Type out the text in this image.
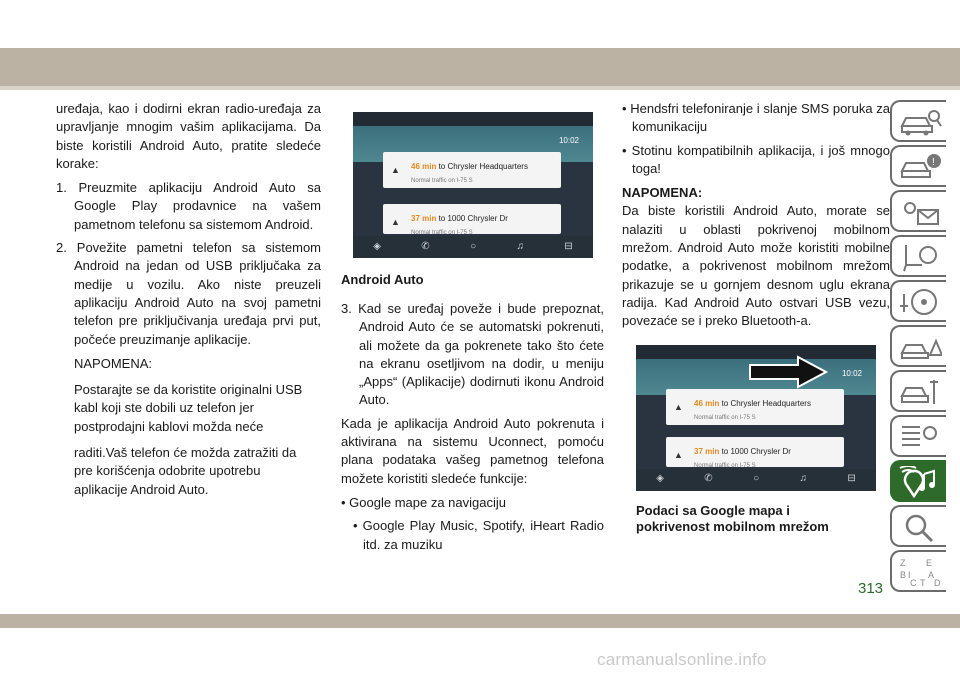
uređaja, kao i dodirni ekran radio-uređaja za upravljanje mnogim vašim aplikacijama. Da biste koristili Android Auto, pratite sledeće korake:

1. Preuzmite aplikaciju Android Auto sa Google Play prodavnice na vašem pametnom telefonu sa sistemom Android.

2. Povežite pametni telefon sa sistemom Android na jedan od USB priključaka za medije u vozilu. Ako niste preuzeli aplikaciju Android Auto na svoj pametni telefon pre priključivanja uređaja prvi put, počeće preuzimanje aplikacije.

NAPOMENA:

Postarajte se da koristite originalni USB

kabl koji ste dobili uz telefon jer

postprodajni kablovi možda neće

raditi.Vaš telefon će možda zatražiti da

pre korišćenja odobrite upotrebu

aplikacije Android Auto.

10:02
▲ 46 min to Chrysler Headquarters
Normal traffic on I-75 S
▲ 37 min to 1000 Chrysler Dr
Normal traffic on I-75 S
◈	✆	○	♫	⊟

Android Auto

3. Kad se uređaj poveže i bude prepoznat, Android Auto će se automatski pokrenuti, ali možete da ga pokrenete tako što ćete na ekranu osetljivom na dodir, u meniju „Apps“ (Aplikacije) dodirnuti ikonu Android Auto.

Kada je aplikacija Android Auto pokrenuta i aktivirana na sistemu Uconnect, pomoću plana podataka vašeg pametnog telefona možete koristiti sledeće funkcije:

• Google mape za navigaciju

• Google Play Music, Spotify, iHeart Radio itd. za muziku

• Hendsfri telefoniranje i slanje SMS poruka za komunikaciju

• Stotinu kompatibilnih aplikacija, i još mnogo toga!

NAPOMENA:

Da biste koristili Android Auto, morate se nalaziti u oblasti pokrivenoj mobilnom mrežom. Android Auto može koristiti mobilne podatke, a pokrivenost mobilnom mrežom prikazuje se u gornjem desnom uglu ekrana radija. Kad Android Auto ostvari USB vezu, povezaće se i preko Bluetooth-a.

10:02
▲ 46 min to Chrysler Headquarters
Normal traffic on I-75 S
▲ 37 min to 1000 Chrysler Dr
Normal traffic on I-75 S
◈	✆	○	♫	⊟

Podaci sa Google mapa i

pokrivenost mobilnom mrežom

!
Z E
B A
C D
I
T
313
carmanualsonline.info
